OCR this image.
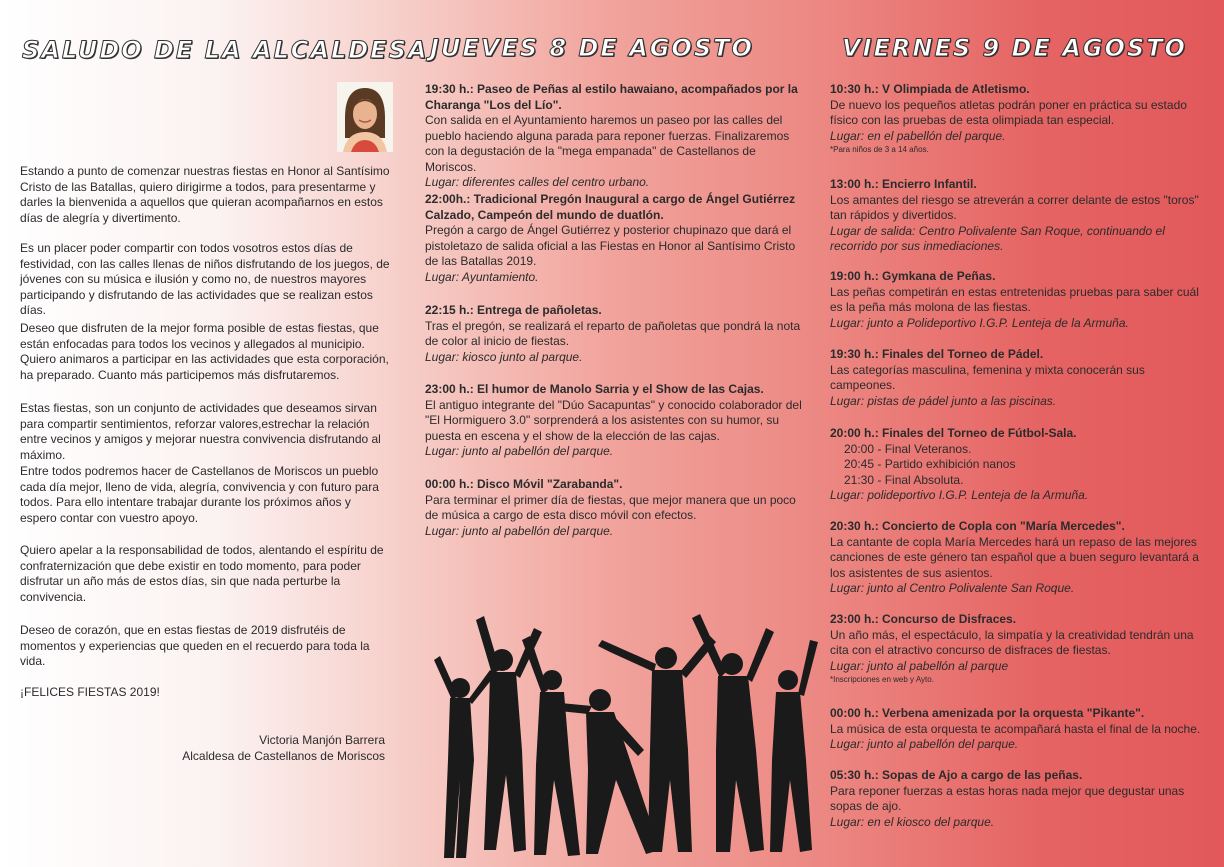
SALUDO DE LA ALCALDESA JUEVES 8 DE AGOSTO	VIERNES 9 DE AGOSTO

Estando a punto de comenzar nuestras fiestas en Honor al Santísimo Cristo de las Batallas, quiero dirigirme a todos, para presentarme y darles la bienvenida a aquellos que quieran acompañarnos en estos días de alegría y divertimento.

Es un placer poder compartir con todos vosotros estos días de festividad, con las calles llenas de niños disfrutando de los juegos, de jóvenes con su música e ilusión y como no, de nuestros mayores participando y disfrutando de las actividades que se realizan estos días.

Deseo que disfruten de la mejor forma posible de estas fiestas, que están enfocadas para todos los vecinos y allegados al municipio. Quiero animaros a participar en las actividades que esta corporación, ha preparado. Cuanto más participemos más disfrutaremos.

Estas fiestas, son un conjunto de actividades que deseamos sirvan para compartir sentimientos, reforzar valores,estrechar la relación entre vecinos y amigos y mejorar nuestra convivencia disfrutando al máximo.

Entre todos podremos hacer de Castellanos de Moriscos un pueblo cada día mejor, lleno de vida, alegría, convivencia y con futuro para todos. Para ello intentare trabajar durante los próximos años y espero contar con vuestro apoyo.

Quiero apelar a la responsabilidad de todos, alentando el espíritu de confraternización que debe existir en todo momento, para poder disfrutar un año más de estos días, sin que nada perturbe la convivencia.

Deseo de corazón, que en estas fiestas de 2019 disfrutéis de momentos y experiencias que queden en el recuerdo para toda la vida.

¡FELICES FIESTAS 2019!

Victoria Manjón Barrera
Alcaldesa de Castellanos de Moriscos
19:30 h.: Paseo de Peñas al estilo hawaiano, acompañados por la Charanga "Los del Lío".
Con salida en el Ayuntamiento haremos un paseo por las calles del pueblo haciendo alguna parada para reponer fuerzas. Finalizaremos con la degustación de la "mega empanada" de Castellanos de Moriscos.
Lugar: diferentes calles del centro urbano.
22:00h.: Tradicional Pregón Inaugural a cargo de Ángel Gutiérrez Calzado, Campeón del mundo de duatlón.
Pregón a cargo de Ángel Gutiérrez y posterior chupinazo que dará el pistoletazo de salida oficial a las Fiestas en Honor al Santísimo Cristo de las Batallas 2019.
Lugar: Ayuntamiento.
22:15 h.: Entrega de pañoletas.
Tras el pregón, se realizará el reparto de pañoletas que pondrá la nota de color al inicio de fiestas.
Lugar: kiosco junto al parque.
23:00 h.: El humor de Manolo Sarria y el Show de las Cajas.
El antiguo integrante del "Dúo Sacapuntas" y conocido colaborador del "El Hormiguero 3.0" sorprenderá a los asistentes con su humor, su puesta en escena y el show de la elección de las cajas.
Lugar: junto al pabellón del parque.
00:00 h.: Disco Móvil "Zarabanda".
Para terminar el primer día de fiestas, que mejor manera que un poco de música a cargo de esta disco móvil con efectos.
Lugar: junto al pabellón del parque.
10:30 h.: V Olimpiada de Atletismo.
De nuevo los pequeños atletas podrán poner en práctica su estado físico con las pruebas de esta olimpiada tan especial.
Lugar: en el pabellón del parque.
*Para niños de 3 a 14 años.
13:00 h.: Encierro Infantil.
Los amantes del riesgo se atreverán a correr delante de estos "toros" tan rápidos y divertidos.
Lugar de salida: Centro Polivalente San Roque, continuando el recorrido por sus inmediaciones.
19:00 h.: Gymkana de Peñas.
Las peñas competirán en estas entretenidas pruebas para saber cuál es la peña más molona de las fiestas.
Lugar: junto a Polideportivo I.G.P. Lenteja de la Armuña.
19:30 h.: Finales del Torneo de Pádel.
Las categorías masculina, femenina y mixta conocerán sus campeones.
Lugar: pistas de pádel junto a las piscinas.
20:00 h.: Finales del Torneo de Fútbol-Sala.
20:00 - Final Veteranos.
20:45 - Partido exhibición nanos
21:30 - Final Absoluta.
Lugar: polideportivo I.G.P. Lenteja de la Armuña.
20:30 h.: Concierto de Copla con "María Mercedes".
La cantante de copla María Mercedes hará un repaso de las mejores canciones de este género tan español que a buen seguro levantará a los asistentes de sus asientos.
Lugar: junto al Centro Polivalente San Roque.
23:00 h.: Concurso de Disfraces.
Un año más, el espectáculo, la simpatía y la creatividad tendrán una cita con el atractivo concurso de disfraces de fiestas.
Lugar: junto al pabellón al parque
*Inscripciones en web y Ayto.
00:00 h.: Verbena amenizada por la orquesta "Pikante".
La música de esta orquesta te acompañará hasta el final de la noche.
Lugar: junto al pabellón del parque.
05:30 h.: Sopas de Ajo a cargo de las peñas.
Para reponer fuerzas a estas horas nada mejor que degustar unas sopas de ajo.
Lugar: en el kiosco del parque.
